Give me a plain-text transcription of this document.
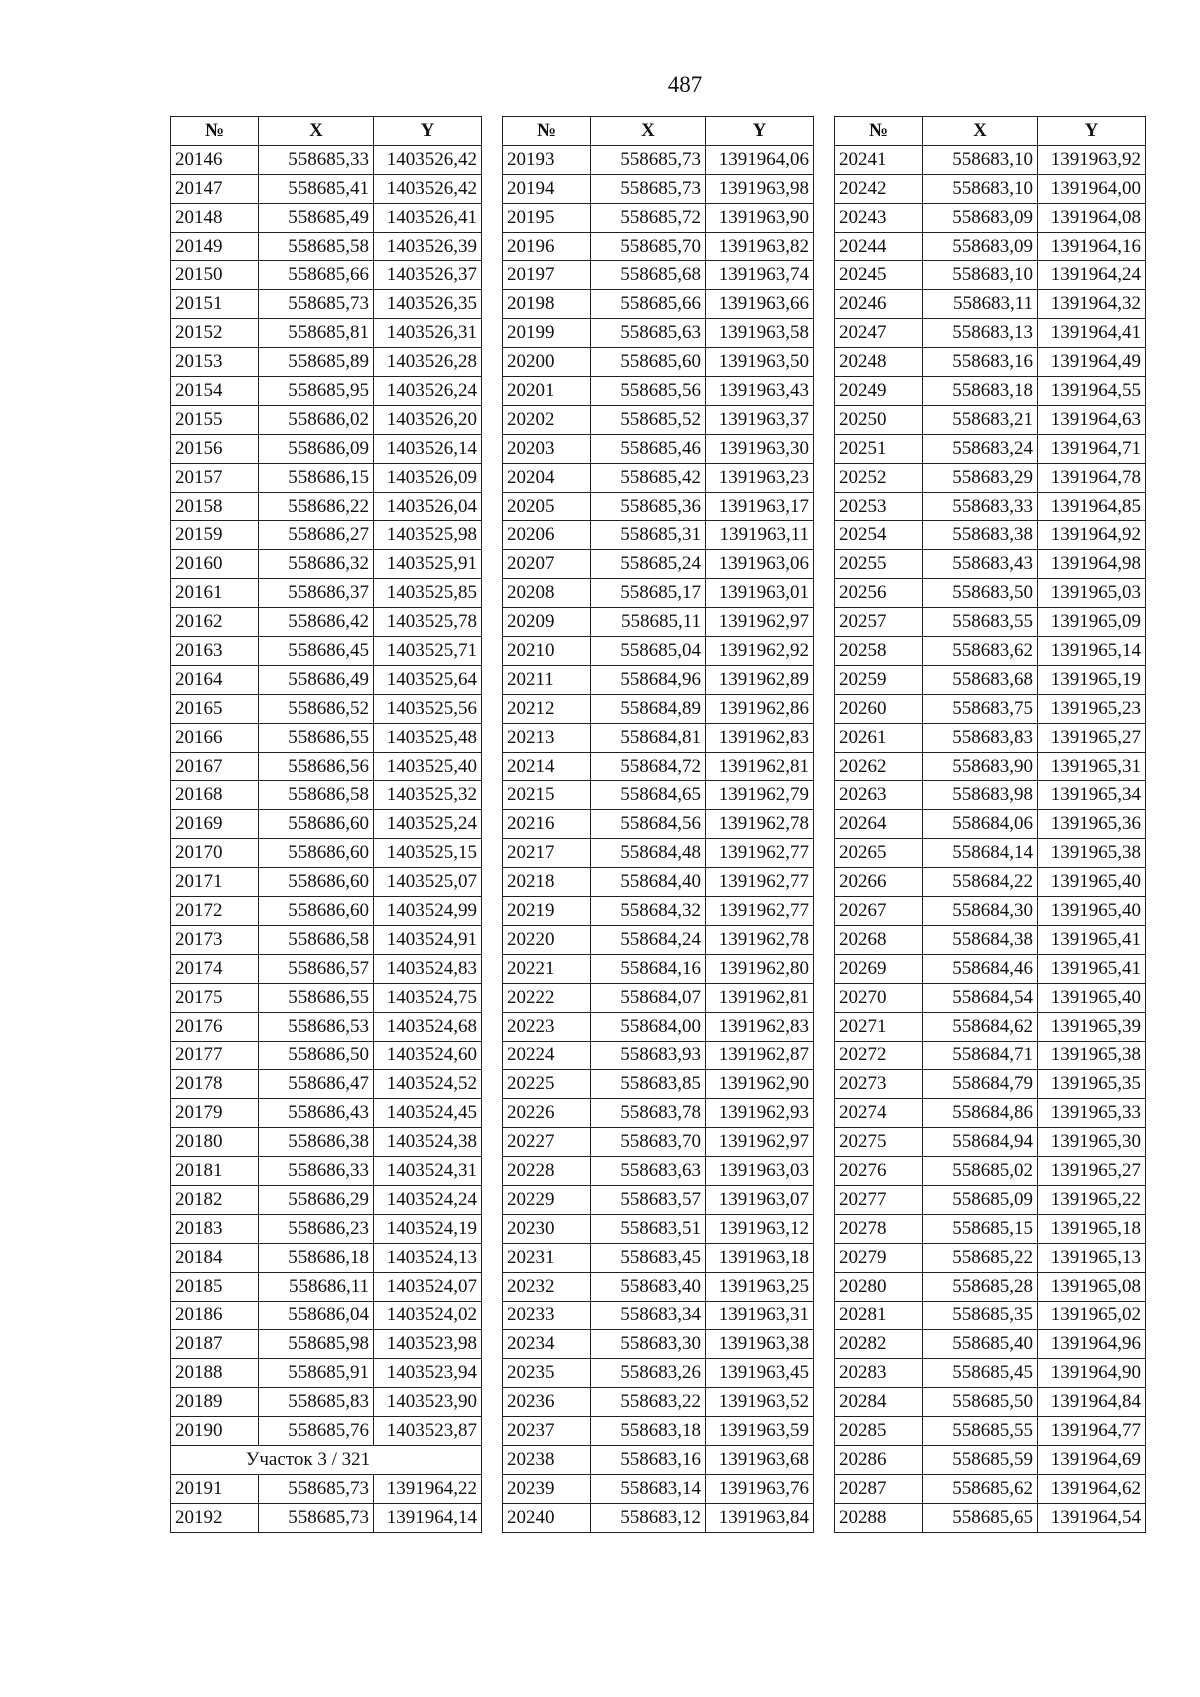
487
№	X	Y
20146	558685,33	1403526,42
20147	558685,41	1403526,42
20148	558685,49	1403526,41
20149	558685,58	1403526,39
20150	558685,66	1403526,37
20151	558685,73	1403526,35
20152	558685,81	1403526,31
20153	558685,89	1403526,28
20154	558685,95	1403526,24
20155	558686,02	1403526,20
20156	558686,09	1403526,14
20157	558686,15	1403526,09
20158	558686,22	1403526,04
20159	558686,27	1403525,98
20160	558686,32	1403525,91
20161	558686,37	1403525,85
20162	558686,42	1403525,78
20163	558686,45	1403525,71
20164	558686,49	1403525,64
20165	558686,52	1403525,56
20166	558686,55	1403525,48
20167	558686,56	1403525,40
20168	558686,58	1403525,32
20169	558686,60	1403525,24
20170	558686,60	1403525,15
20171	558686,60	1403525,07
20172	558686,60	1403524,99
20173	558686,58	1403524,91
20174	558686,57	1403524,83
20175	558686,55	1403524,75
20176	558686,53	1403524,68
20177	558686,50	1403524,60
20178	558686,47	1403524,52
20179	558686,43	1403524,45
20180	558686,38	1403524,38
20181	558686,33	1403524,31
20182	558686,29	1403524,24
20183	558686,23	1403524,19
20184	558686,18	1403524,13
20185	558686,11	1403524,07
20186	558686,04	1403524,02
20187	558685,98	1403523,98
20188	558685,91	1403523,94
20189	558685,83	1403523,90
20190	558685,76	1403523,87
Участок 3 / 321		
20191	558685,73	1391964,22
20192	558685,73	1391964,14
№	X	Y
20193	558685,73	1391964,06
20194	558685,73	1391963,98
20195	558685,72	1391963,90
20196	558685,70	1391963,82
20197	558685,68	1391963,74
20198	558685,66	1391963,66
20199	558685,63	1391963,58
20200	558685,60	1391963,50
20201	558685,56	1391963,43
20202	558685,52	1391963,37
20203	558685,46	1391963,30
20204	558685,42	1391963,23
20205	558685,36	1391963,17
20206	558685,31	1391963,11
20207	558685,24	1391963,06
20208	558685,17	1391963,01
20209	558685,11	1391962,97
20210	558685,04	1391962,92
20211	558684,96	1391962,89
20212	558684,89	1391962,86
20213	558684,81	1391962,83
20214	558684,72	1391962,81
20215	558684,65	1391962,79
20216	558684,56	1391962,78
20217	558684,48	1391962,77
20218	558684,40	1391962,77
20219	558684,32	1391962,77
20220	558684,24	1391962,78
20221	558684,16	1391962,80
20222	558684,07	1391962,81
20223	558684,00	1391962,83
20224	558683,93	1391962,87
20225	558683,85	1391962,90
20226	558683,78	1391962,93
20227	558683,70	1391962,97
20228	558683,63	1391963,03
20229	558683,57	1391963,07
20230	558683,51	1391963,12
20231	558683,45	1391963,18
20232	558683,40	1391963,25
20233	558683,34	1391963,31
20234	558683,30	1391963,38
20235	558683,26	1391963,45
20236	558683,22	1391963,52
20237	558683,18	1391963,59
20238	558683,16	1391963,68
20239	558683,14	1391963,76
20240	558683,12	1391963,84
№	X	Y
20241	558683,10	1391963,92
20242	558683,10	1391964,00
20243	558683,09	1391964,08
20244	558683,09	1391964,16
20245	558683,10	1391964,24
20246	558683,11	1391964,32
20247	558683,13	1391964,41
20248	558683,16	1391964,49
20249	558683,18	1391964,55
20250	558683,21	1391964,63
20251	558683,24	1391964,71
20252	558683,29	1391964,78
20253	558683,33	1391964,85
20254	558683,38	1391964,92
20255	558683,43	1391964,98
20256	558683,50	1391965,03
20257	558683,55	1391965,09
20258	558683,62	1391965,14
20259	558683,68	1391965,19
20260	558683,75	1391965,23
20261	558683,83	1391965,27
20262	558683,90	1391965,31
20263	558683,98	1391965,34
20264	558684,06	1391965,36
20265	558684,14	1391965,38
20266	558684,22	1391965,40
20267	558684,30	1391965,40
20268	558684,38	1391965,41
20269	558684,46	1391965,41
20270	558684,54	1391965,40
20271	558684,62	1391965,39
20272	558684,71	1391965,38
20273	558684,79	1391965,35
20274	558684,86	1391965,33
20275	558684,94	1391965,30
20276	558685,02	1391965,27
20277	558685,09	1391965,22
20278	558685,15	1391965,18
20279	558685,22	1391965,13
20280	558685,28	1391965,08
20281	558685,35	1391965,02
20282	558685,40	1391964,96
20283	558685,45	1391964,90
20284	558685,50	1391964,84
20285	558685,55	1391964,77
20286	558685,59	1391964,69
20287	558685,62	1391964,62
20288	558685,65	1391964,54
